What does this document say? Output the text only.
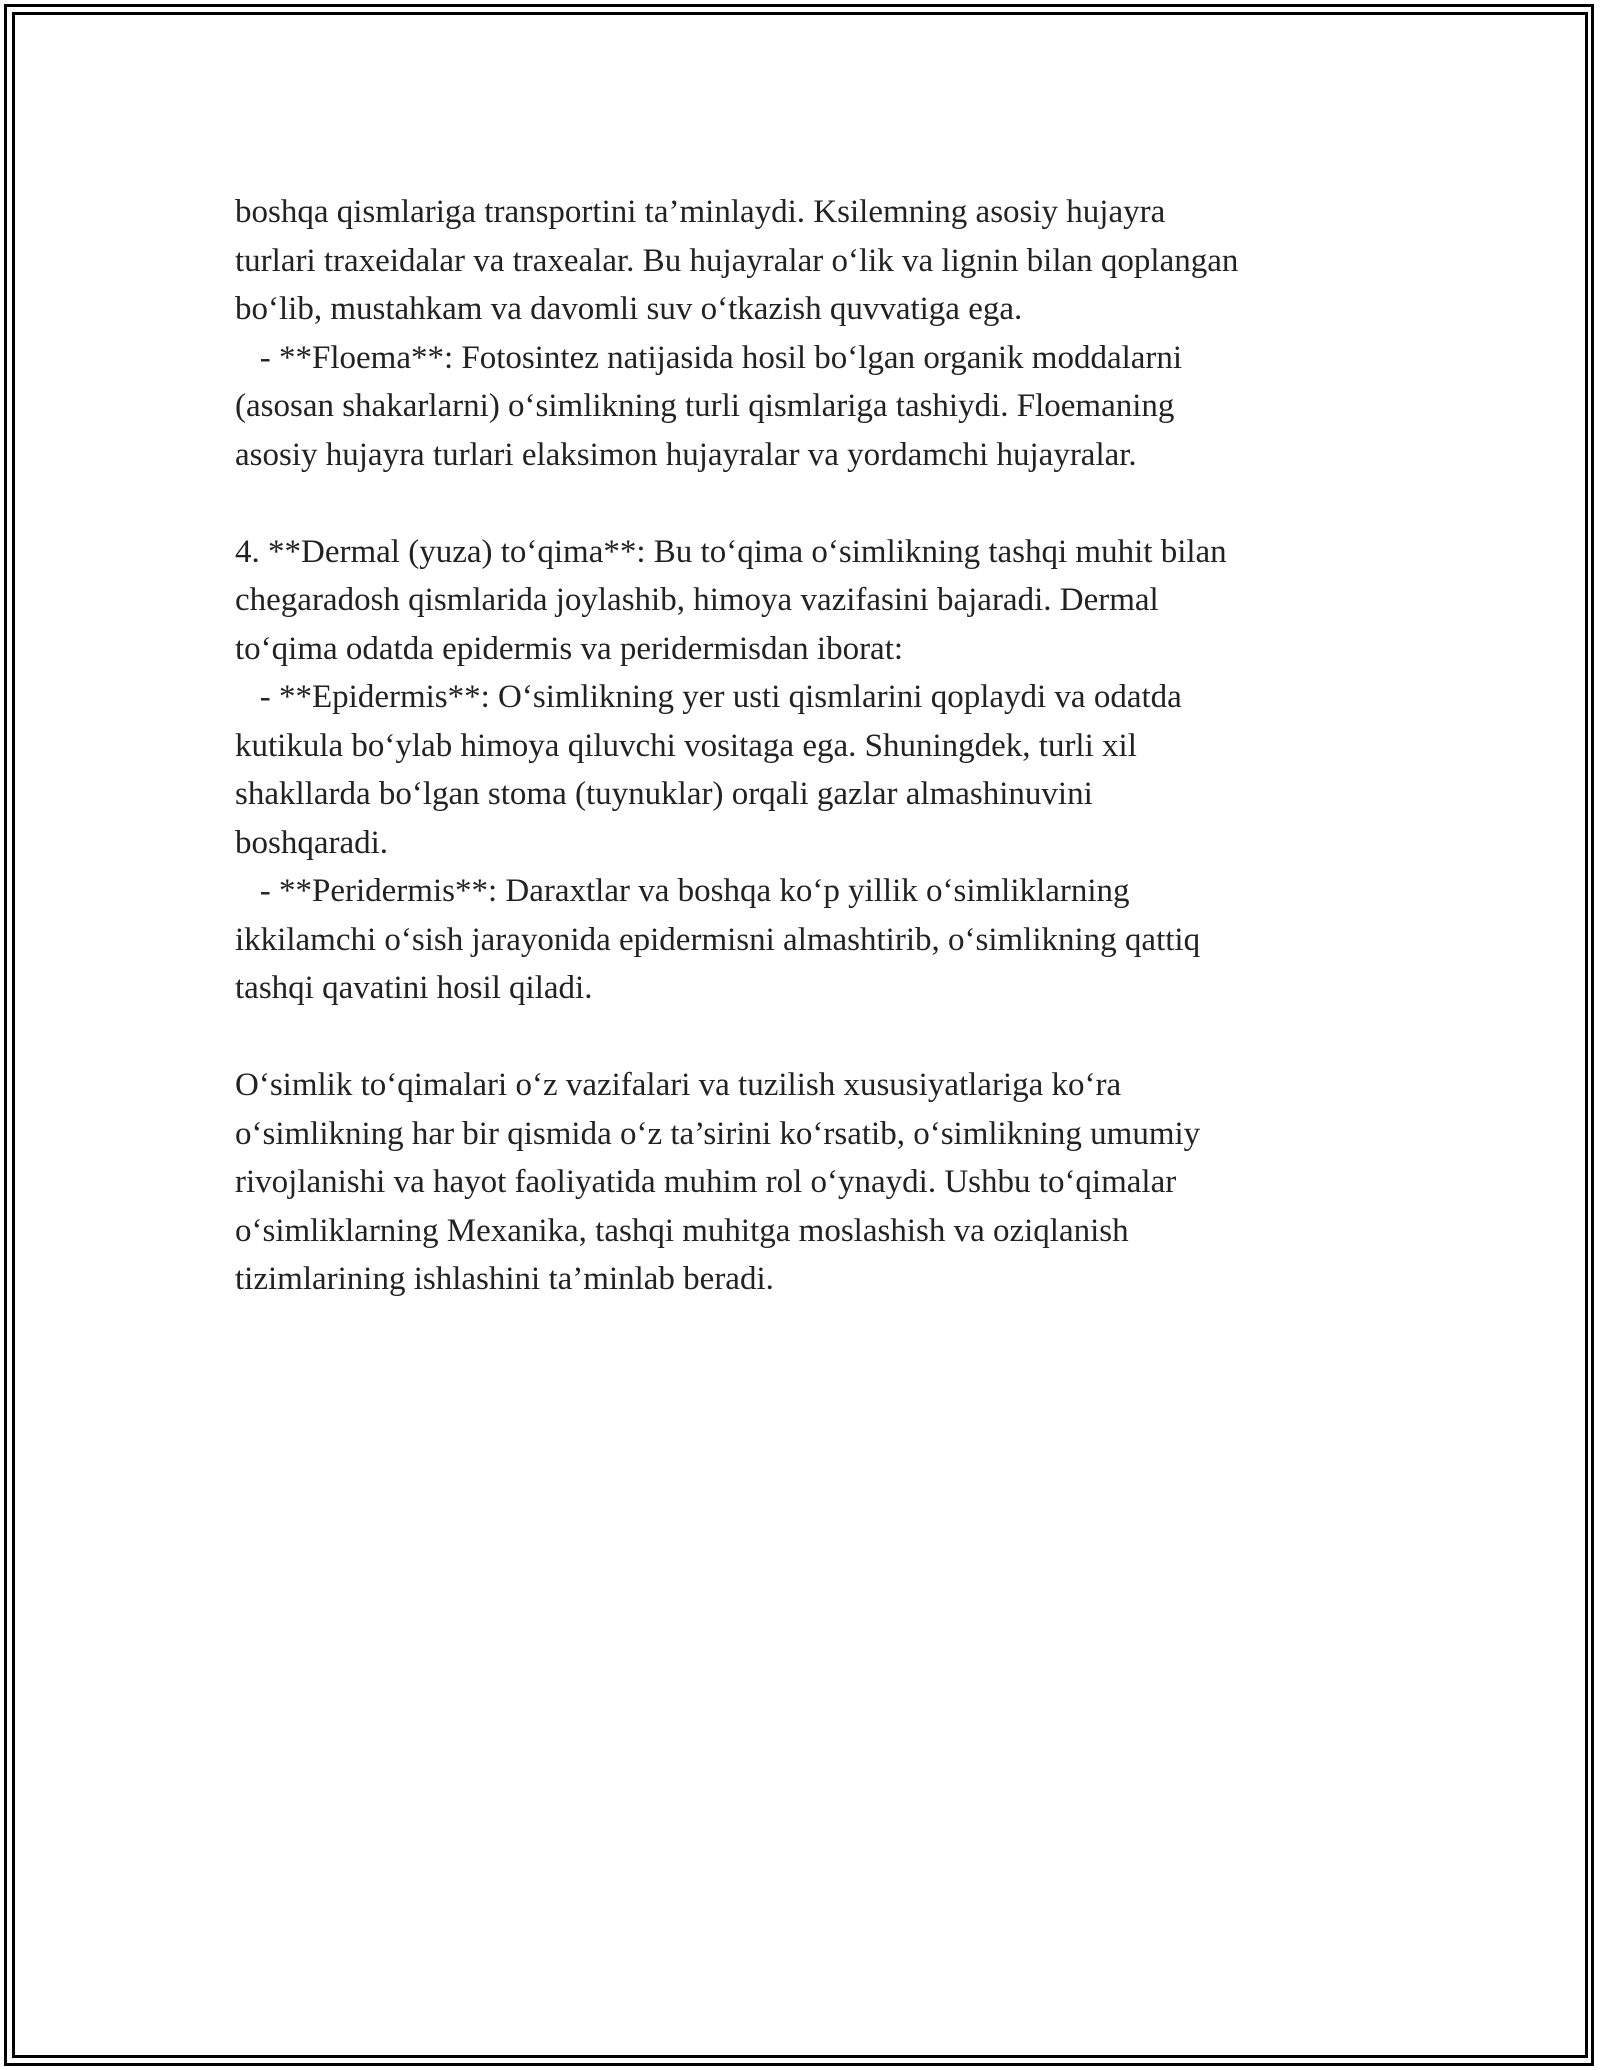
boshqa qismlariga transportini ta’minlaydi. Ksilemning asosiy hujayra
turlari traxeidalar va traxealar. Bu hujayralar o‘lik va lignin bilan qoplangan
bo‘lib, mustahkam va davomli suv o‘tkazish quvvatiga ega.
- **Floema**: Fotosintez natijasida hosil bo‘lgan organik moddalarni
(asosan shakarlarni) o‘simlikning turli qismlariga tashiydi. Floemaning
asosiy hujayra turlari elaksimon hujayralar va yordamchi hujayralar.
4. **Dermal (yuza) to‘qima**: Bu to‘qima o‘simlikning tashqi muhit bilan
chegaradosh qismlarida joylashib, himoya vazifasini bajaradi. Dermal
to‘qima odatda epidermis va peridermisdan iborat:
- **Epidermis**: O‘simlikning yer usti qismlarini qoplaydi va odatda
kutikula bo‘ylab himoya qiluvchi vositaga ega. Shuningdek, turli xil
shakllarda bo‘lgan stoma (tuynuklar) orqali gazlar almashinuvini
boshqaradi.
- **Peridermis**: Daraxtlar va boshqa ko‘p yillik o‘simliklarning
ikkilamchi o‘sish jarayonida epidermisni almashtirib, o‘simlikning qattiq
tashqi qavatini hosil qiladi.
O‘simlik to‘qimalari o‘z vazifalari va tuzilish xususiyatlariga ko‘ra
o‘simlikning har bir qismida o‘z ta’sirini ko‘rsatib, o‘simlikning umumiy
rivojlanishi va hayot faoliyatida muhim rol o‘ynaydi. Ushbu to‘qimalar
o‘simliklarning Mexanika, tashqi muhitga moslashish va oziqlanish
tizimlarining ishlashini ta’minlab beradi.
